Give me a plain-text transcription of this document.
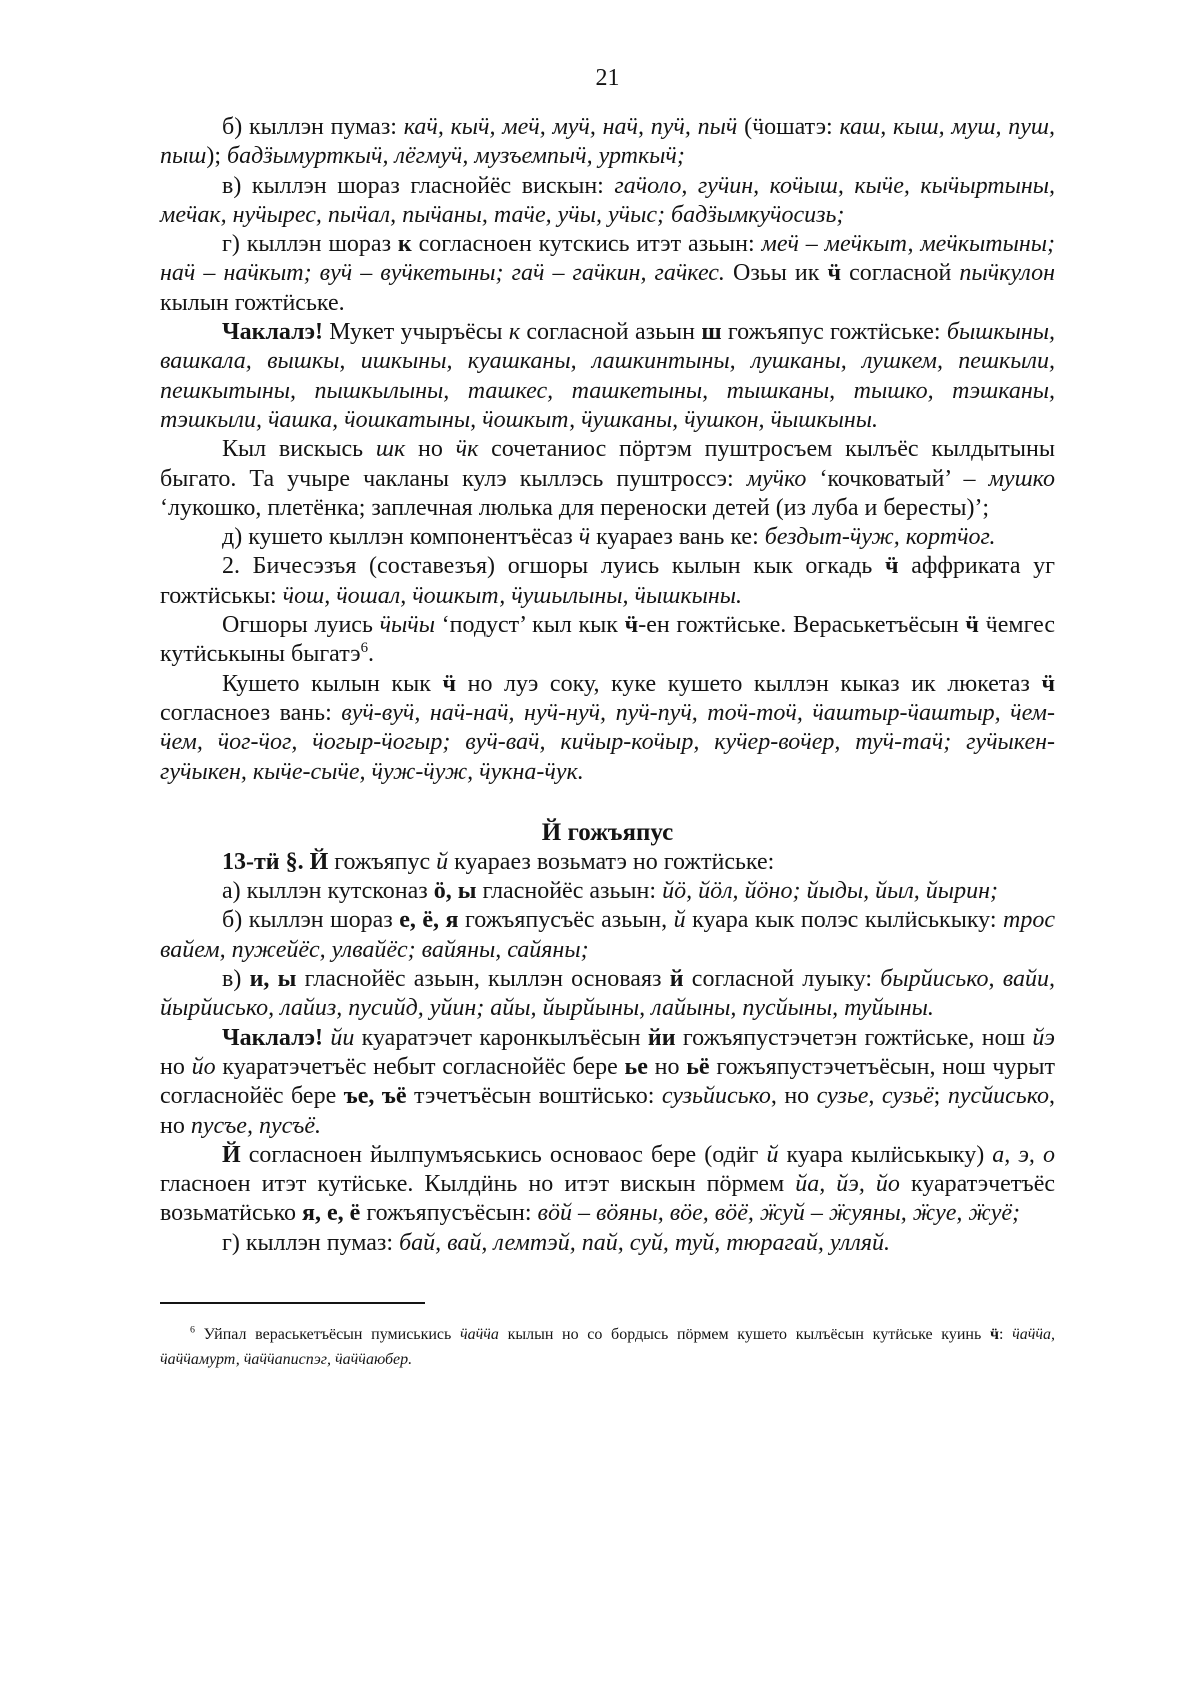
21

б) кыллэн пумаз: каӵ, кыӵ, меӵ, муӵ, наӵ, пуӵ, пыӵ (ӵошатэ: каш, кыш, муш, пуш, пыш); бадӟымурткыӵ, лёгмуӵ, музъемпыӵ, урткыӵ;

в) кыллэн шораз гласнойёс вискын: гаӵоло, гуӵин, коӵыш, кыӵе, кыӵыртыны, меӵак, нуӵырес, пыӵал, пыӵаны, таӵе, уӵы, уӵыс; бадӟымкуӵосизь;

г) кыллэн шораз к согласноен кутскись итэт азьын: меӵ – меӵкыт, меӵкытыны; наӵ – наӵкыт; вуӵ – вуӵкетыны; гаӵ – гаӵкин, гаӵкес. Озьы ик ӵ согласной пыӵкулон кылын гожтӥське.

Чаклалэ! Мукет учыръёсы к согласной азьын ш гожъяпус гожтӥське: бышкыны, вашкала, вышкы, ишкыны, куашканы, лашкинтыны, лушканы, лушкем, пешкыли, пешкытыны, пышкылыны, ташкес, ташкетыны, тышканы, тышко, тэшканы, тэшкыли, ӵашка, ӵошкатыны, ӵошкыт, ӵушканы, ӵушкон, ӵышкыны.

Кыл вискысь шк но ӵк сочетаниос пӧртэм пуштросъем кылъёс кылдытыны быгато. Та учыре чакланы кулэ кыллэсь пуштроссэ: муӵко ‘кочковатый’ – мушко ‘лукошко, плетёнка; заплечная люлька для переноски детей (из луба и бересты)’;

д) кушето кыллэн компонентъёсаз ӵ куараез вань ке: бездыт-ӵуж, кортӵог.

2. Бичесэзъя (составезъя) огшоры луись кылын кык огкадь ӵ аффриката уг гожтӥськы: ӵош, ӵошал, ӵошкыт, ӵушылыны, ӵышкыны.

Огшоры луись ӵыӵы ‘подуст’ кыл кык ӵ-ен гожтӥське. Вераськетъёсын ӵ ӵемгес кутӥськыны быгатэ$^6$.

Кушето кылын кык ӵ но луэ соку, куке кушето кыллэн кыказ ик люкетаз ӵ согласноез вань: вуӵ-вуӵ, наӵ-наӵ, нуӵ-нуӵ, пуӵ-пуӵ, тоӵ-тоӵ, ӵаштыр-ӵаштыр, ӵем-ӵем, ӵог-ӵог, ӵогыр-ӵогыр; вуӵ-ваӵ, киӵыр-коӵыр, куӵер-воӵер, туӵ-таӵ; гуӵыкен-гуӵыкен, кыӵе-сыӵе, ӵуж-ӵуж, ӵукна-ӵук.

Й гожъяпус

13-тӥ §. Й гожъяпус й куараез возьматэ но гожтӥське:

а) кыллэн кутсконаз ӧ, ы гласнойёс азьын: йӧ, йӧл, йӧно; йыды, йыл, йырин;

б) кыллэн шораз е, ё, я гожъяпусъёс азьын, й куара кык полэс кылӥськыку: трос вайем, пужейёс, улвайёс; вайяны, сайяны;

в) и, ы гласнойёс азьын, кыллэн основаяз й согласной луыку: бырйисько, вайи, йырйисько, лайиз, пусийд, уйин; айы, йырйыны, лайыны, пусйыны, туйыны.

Чаклалэ! йи куаратэчет каронкылъёсын йи гожъяпустэчетэн гожтӥське, нош йэ но йо куаратэчетъёс небыт согласнойёс бере ье но ьё гожъяпустэчетъёсын, нош чурыт согласнойёс бере ъе, ъё тэчетъёсын воштӥсько: сузьйисько, но сузье, сузьё; пусйисько, но пусъе, пусъё.

Й согласноен йылпумъяськись основаос бере (одӥг й куара кылӥськыку) а, э, о гласноен итэт кутӥське. Кылдӥнь но итэт вискын пӧрмем йа, йэ, йо куаратэчетъёс возьматӥсько я, е, ё гожъяпусъёсын: вӧй – вӧяны, вӧе, вӧё, ӝуй – ӝуяны, ӝуе, ӝуё;

г) кыллэн пумаз: бай, вай, лемтэй, пай, суй, туй, тюрагай, улляй.

$^6$ Уйпал вераськетъёсын пумиськись ӵаӵӵа кылын но со бордысь пӧрмем кушето кылъёсын кутӥське куинь ӵ: ӵаӵӵа, ӵаӵӵамурт, ӵаӵӵаписпэг, ӵаӵӵаюбер.
